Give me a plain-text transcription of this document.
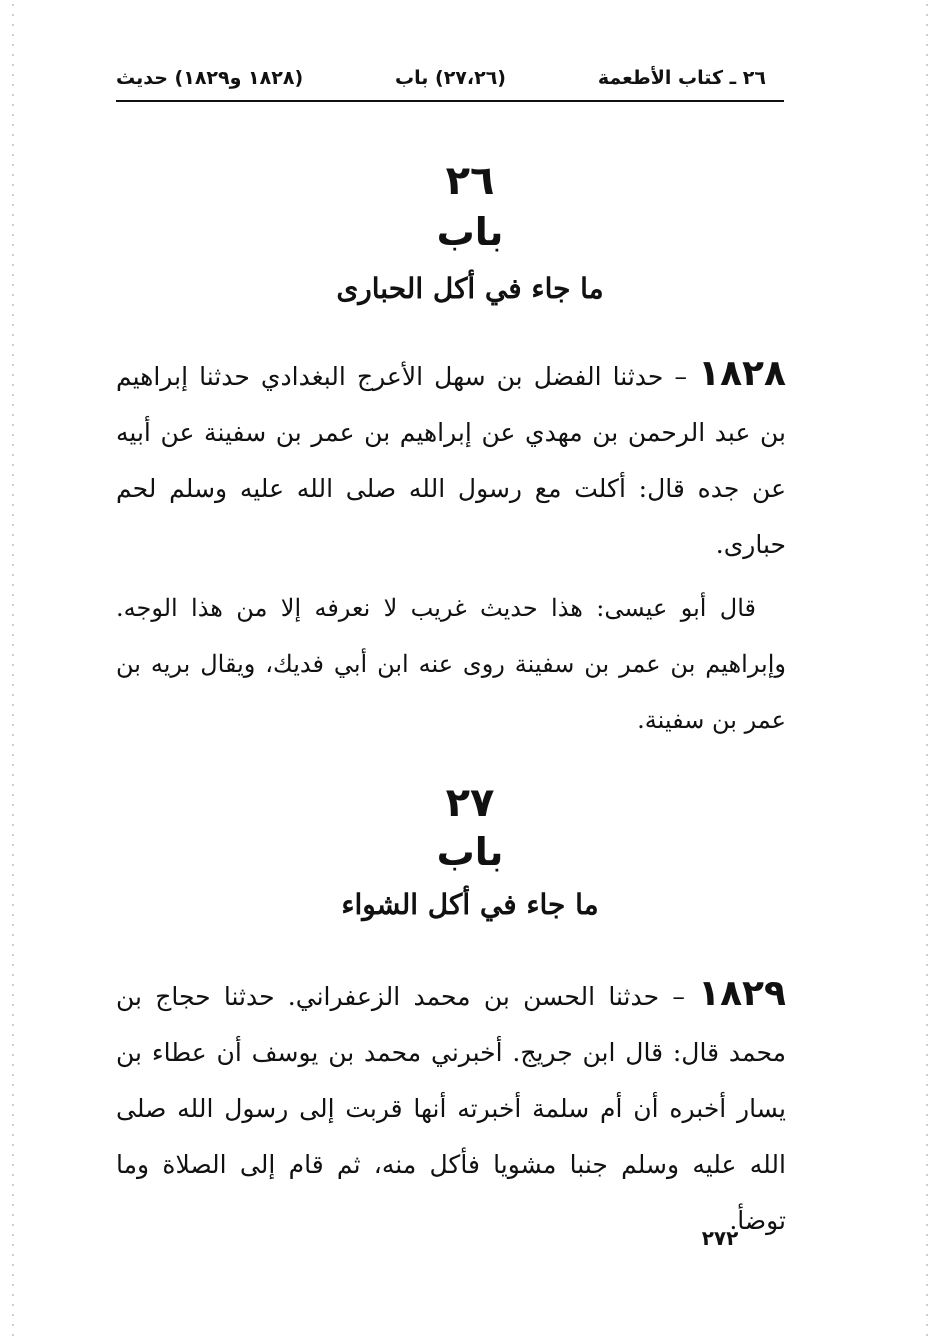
٢٦ ـ كتاب الأطعمة
(٢٧،٢٦) باب
(١٨٢٨ و١٨٢٩) حديث
٢٦
باب
ما جاء في أكل الحبارى
١٨٢٨ – حدثنا الفضل بن سهل الأعرج البغدادي حدثنا إبراهيم بن عبد الرحمن بن مهدي عن إبراهيم بن عمر بن سفينة عن أبيه عن جده قال: أكلت مع رسول الله صلى الله عليه وسلم لحم حبارى.
قال أبو عيسى: هذا حديث غريب لا نعرفه إلا من هذا الوجه. وإبراهيم بن عمر بن سفينة روى عنه ابن أبي فديك، ويقال بريه بن عمر بن سفينة.
٢٧
باب
ما جاء في أكل الشواء
١٨٢٩ – حدثنا الحسن بن محمد الزعفراني. حدثنا حجاج بن محمد قال: قال ابن جريج. أخبرني محمد بن يوسف أن عطاء بن يسار أخبره أن أم سلمة أخبرته أنها قربت إلى رسول الله صلى الله عليه وسلم جنبا مشويا فأكل منه، ثم قام إلى الصلاة وما توضأ.
٢٧٢
